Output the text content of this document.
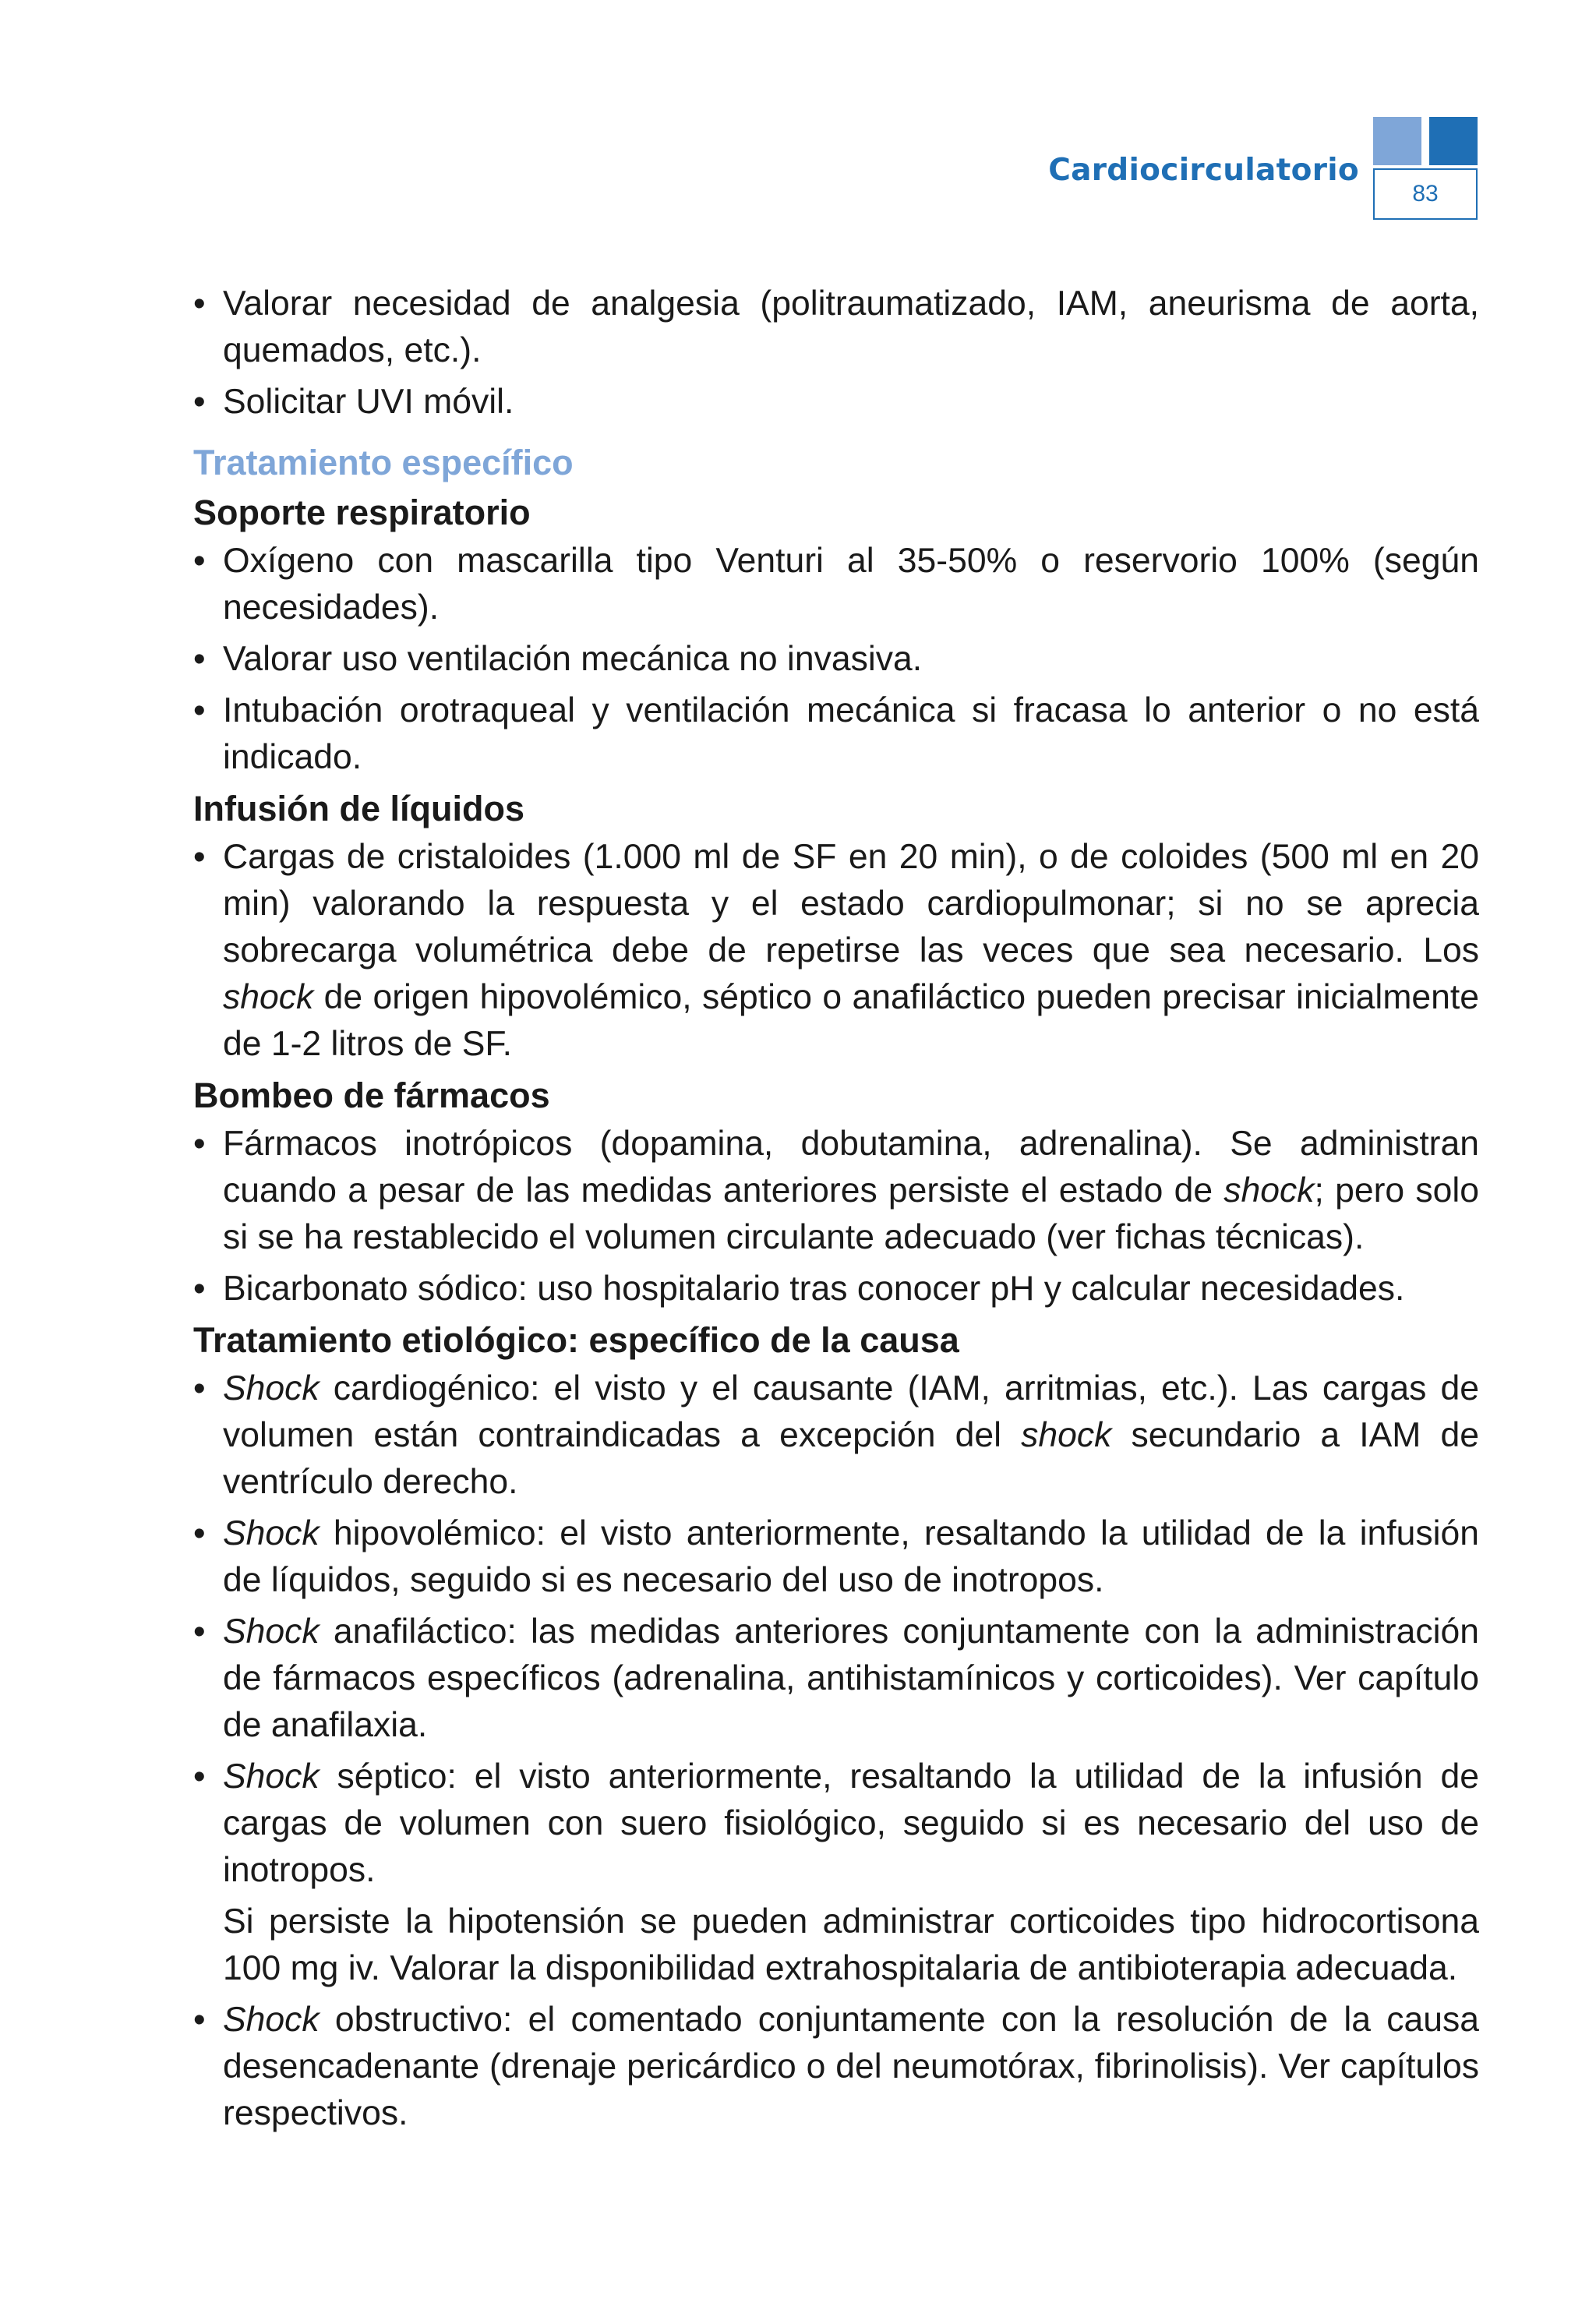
Cardiocirculatorio
83
• Valorar necesidad de analgesia (politraumatizado, IAM, aneurisma de aorta, quemados, etc.).
• Solicitar UVI móvil.
Tratamiento específico
Soporte respiratorio
• Oxígeno con mascarilla tipo Venturi al 35-50% o reservorio 100% (según necesidades).
• Valorar uso ventilación mecánica no invasiva.
• Intubación orotraqueal y ventilación mecánica si fracasa lo anterior o no está indicado.
Infusión de líquidos
• Cargas de cristaloides (1.000 ml de SF en 20 min), o de coloides (500 ml en 20 min) valorando la respuesta y el estado cardiopulmonar; si no se aprecia sobrecarga volumétrica debe de repetirse las veces que sea necesario. Los shock de origen hipovolémico, séptico o anafiláctico pueden precisar inicialmente de 1-2 litros de SF.
Bombeo de fármacos
• Fármacos inotrópicos (dopamina, dobutamina, adrenalina). Se administran cuando a pesar de las medidas anteriores persiste el estado de shock; pero solo si se ha restablecido el volumen circulante adecuado (ver fichas técnicas).
• Bicarbonato sódico: uso hospitalario tras conocer pH y calcular necesidades.
Tratamiento etiológico: específico de la causa
• Shock cardiogénico: el visto y el causante (IAM, arritmias, etc.). Las cargas de volumen están contraindicadas a excepción del shock secundario a IAM de ventrículo derecho.
• Shock hipovolémico: el visto anteriormente, resaltando la utilidad de la infusión de líquidos, seguido si es necesario del uso de inotropos.
• Shock anafiláctico: las medidas anteriores conjuntamente con la administración de fármacos específicos (adrenalina, antihistamínicos y corticoides). Ver capítulo de anafilaxia.
• Shock séptico: el visto anteriormente, resaltando la utilidad de la infusión de cargas de volumen con suero fisiológico, seguido si es necesario del uso de inotropos.
Si persiste la hipotensión se pueden administrar corticoides tipo hidrocortisona 100 mg iv. Valorar la disponibilidad extrahospitalaria de antibioterapia adecuada.
• Shock obstructivo: el comentado conjuntamente con la resolución de la causa desencadenante (drenaje pericárdico o del neumotórax, fibrinolisis). Ver capítulos respectivos.
